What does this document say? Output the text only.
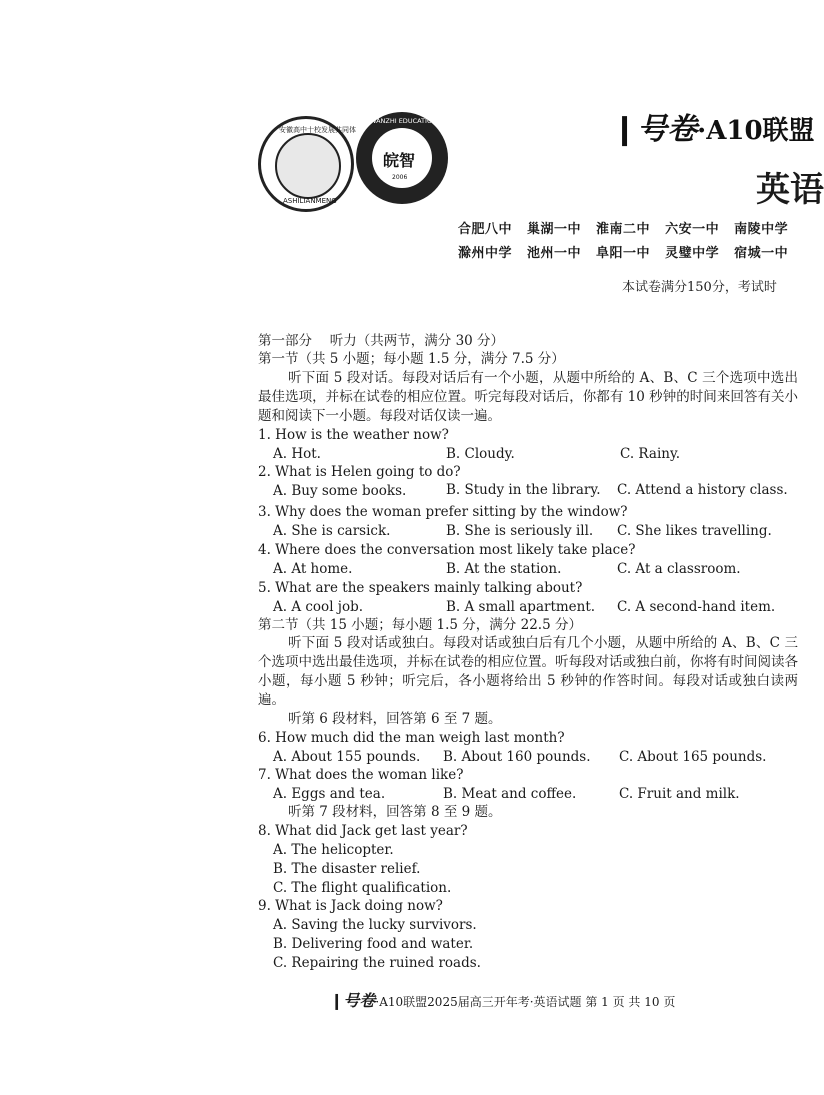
安徽高中十校发展共同体
ASHILIANMENG
皖智
2006
WANZHI EDUCATION	❙号卷·A10联盟
英语
合肥八中 巢湖一中 淮南二中 六安一中 南陵中学
滁州中学 池州一中 阜阳一中 灵璧中学 宿城一中
本试卷满分150分，考试时
第一部分　 听力（共两节，满分 30 分）
第一节（共 5 小题；每小题 1.5 分，满分 7.5 分）
听下面 5 段对话。每段对话后有一个小题，从题中所给的 A、B、C 三个选项中选出最佳选项，并标在试卷的相应位置。听完每段对话后，你都有 10 秒钟的时间来回答有关小题和阅读下一小题。每段对话仅读一遍。
1. How is the weather now?
A. Hot.	B. Cloudy.	C. Rainy.
2. What is Helen going to do?
A. Buy some books.	B. Study in the library. C. Attend a history class.
3. Why does the woman prefer sitting by the window?
A. She is carsick.	B. She is seriously ill. C. She likes travelling.
4. Where does the conversation most likely take place?
A. At home.	B. At the station.	C. At a classroom.
5. What are the speakers mainly talking about?
A. A cool job.	B. A small apartment. C. A second-hand item.
第二节（共 15 小题；每小题 1.5 分，满分 22.5 分）
听下面 5 段对话或独白。每段对话或独白后有几个小题，从题中所给的 A、B、C 三个选项中选出最佳选项，并标在试卷的相应位置。听每段对话或独白前，你将有时间阅读各小题，每小题 5 秒钟；听完后，各小题将给出 5 秒钟的作答时间。每段对话或独白读两遍。
听第 6 段材料，回答第 6 至 7 题。
6. How much did the man weigh last month?
A. About 155 pounds. B. About 160 pounds. C. About 165 pounds.
7. What does the woman like?
A. Eggs and tea.	B. Meat and coffee.	C. Fruit and milk.
听第 7 段材料，回答第 8 至 9 题。
8. What did Jack get last year?
A. The helicopter.
B. The disaster relief.
C. The flight qualification.
9. What is Jack doing now?
A. Saving the lucky survivors.
B. Delivering food and water.
C. Repairing the ruined roads.
❙号卷·A10联盟2025届高三开年考·英语试题 第 1 页 共 10 页
